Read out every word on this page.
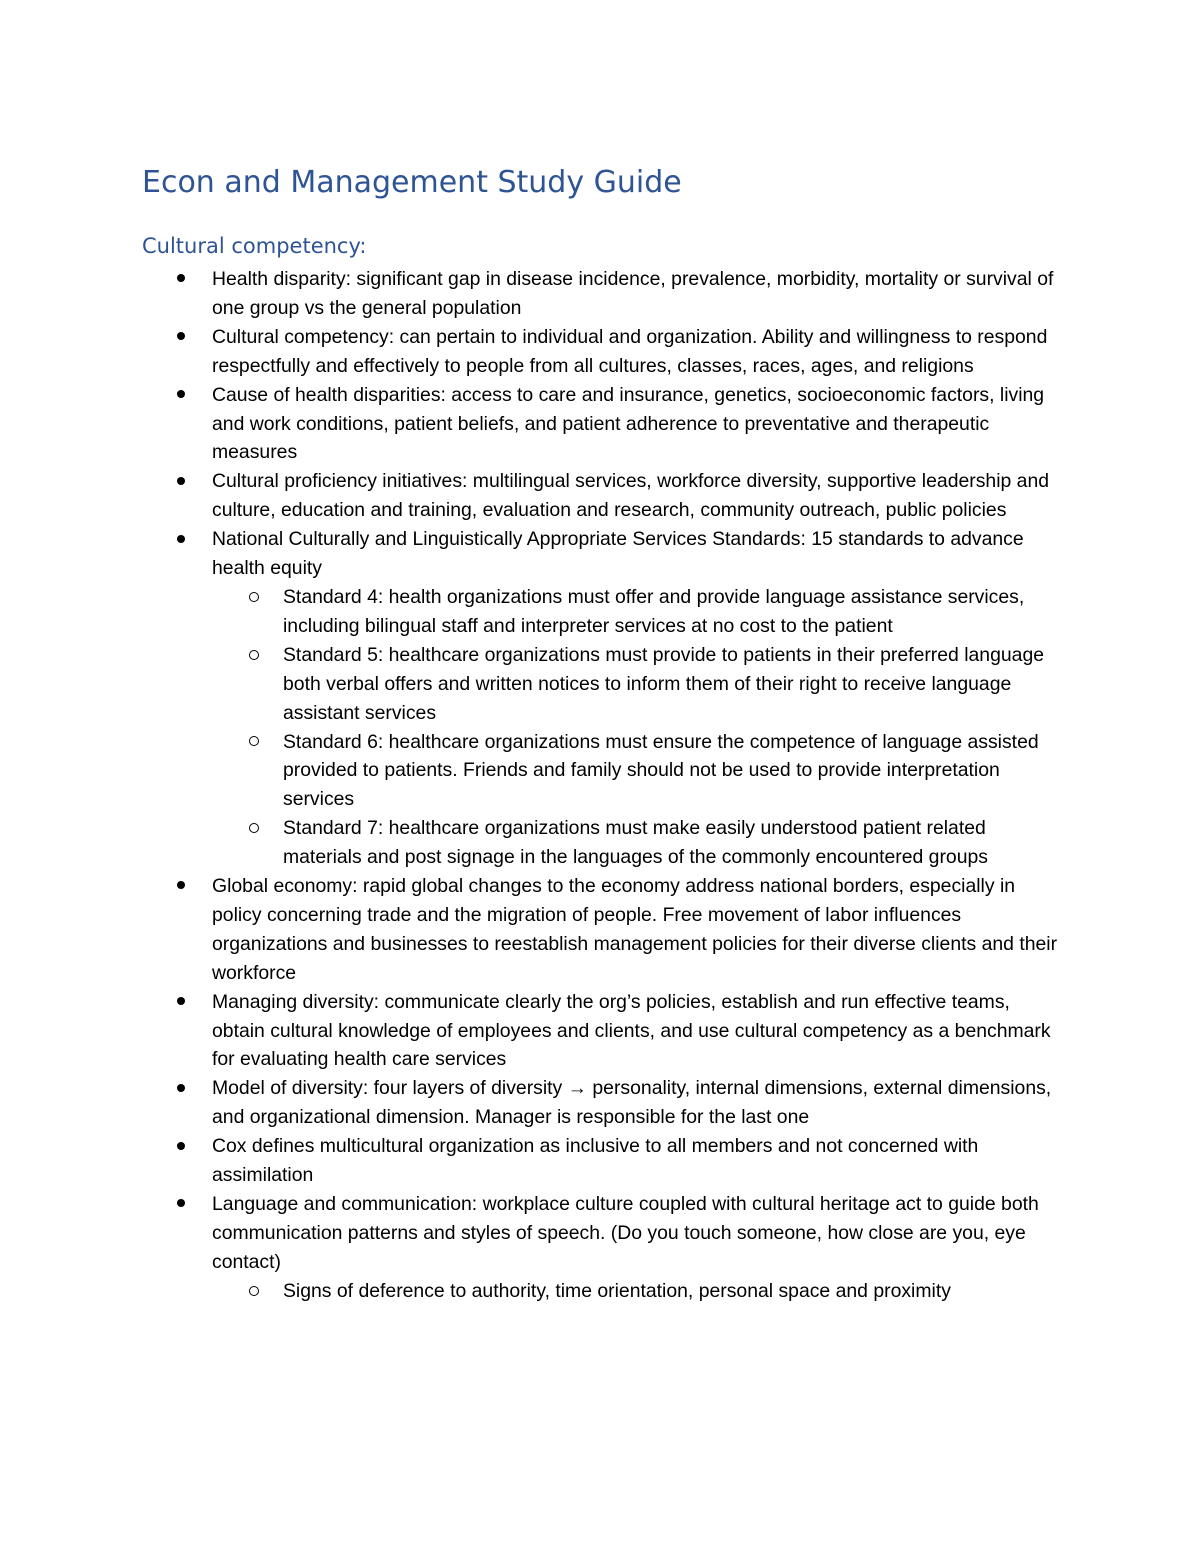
Econ and Management Study Guide
Cultural competency:
Health disparity: significant gap in disease incidence, prevalence, morbidity, mortality or survival of one group vs the general population
Cultural competency: can pertain to individual and organization. Ability and willingness to respond respectfully and effectively to people from all cultures, classes, races, ages, and religions
Cause of health disparities: access to care and insurance, genetics, socioeconomic factors, living and work conditions, patient beliefs, and patient adherence to preventative and therapeutic measures
Cultural proficiency initiatives: multilingual services, workforce diversity, supportive leadership and culture, education and training, evaluation and research, community outreach, public policies
National Culturally and Linguistically Appropriate Services Standards: 15 standards to advance health equity
Standard 4: health organizations must offer and provide language assistance services, including bilingual staff and interpreter services at no cost to the patient
Standard 5: healthcare organizations must provide to patients in their preferred language both verbal offers and written notices to inform them of their right to receive language assistant services
Standard 6: healthcare organizations must ensure the competence of language assisted provided to patients. Friends and family should not be used to provide interpretation services
Standard 7: healthcare organizations must make easily understood patient related materials and post signage in the languages of the commonly encountered groups
Global economy: rapid global changes to the economy address national borders, especially in policy concerning trade and the migration of people. Free movement of labor influences organizations and businesses to reestablish management policies for their diverse clients and their workforce
Managing diversity: communicate clearly the org’s policies, establish and run effective teams, obtain cultural knowledge of employees and clients, and use cultural competency as a benchmark for evaluating health care services
Model of diversity: four layers of diversity → personality, internal dimensions, external dimensions, and organizational dimension. Manager is responsible for the last one
Cox defines multicultural organization as inclusive to all members and not concerned with assimilation
Language and communication: workplace culture coupled with cultural heritage act to guide both communication patterns and styles of speech. (Do you touch someone, how close are you, eye contact)
Signs of deference to authority, time orientation, personal space and proximity
